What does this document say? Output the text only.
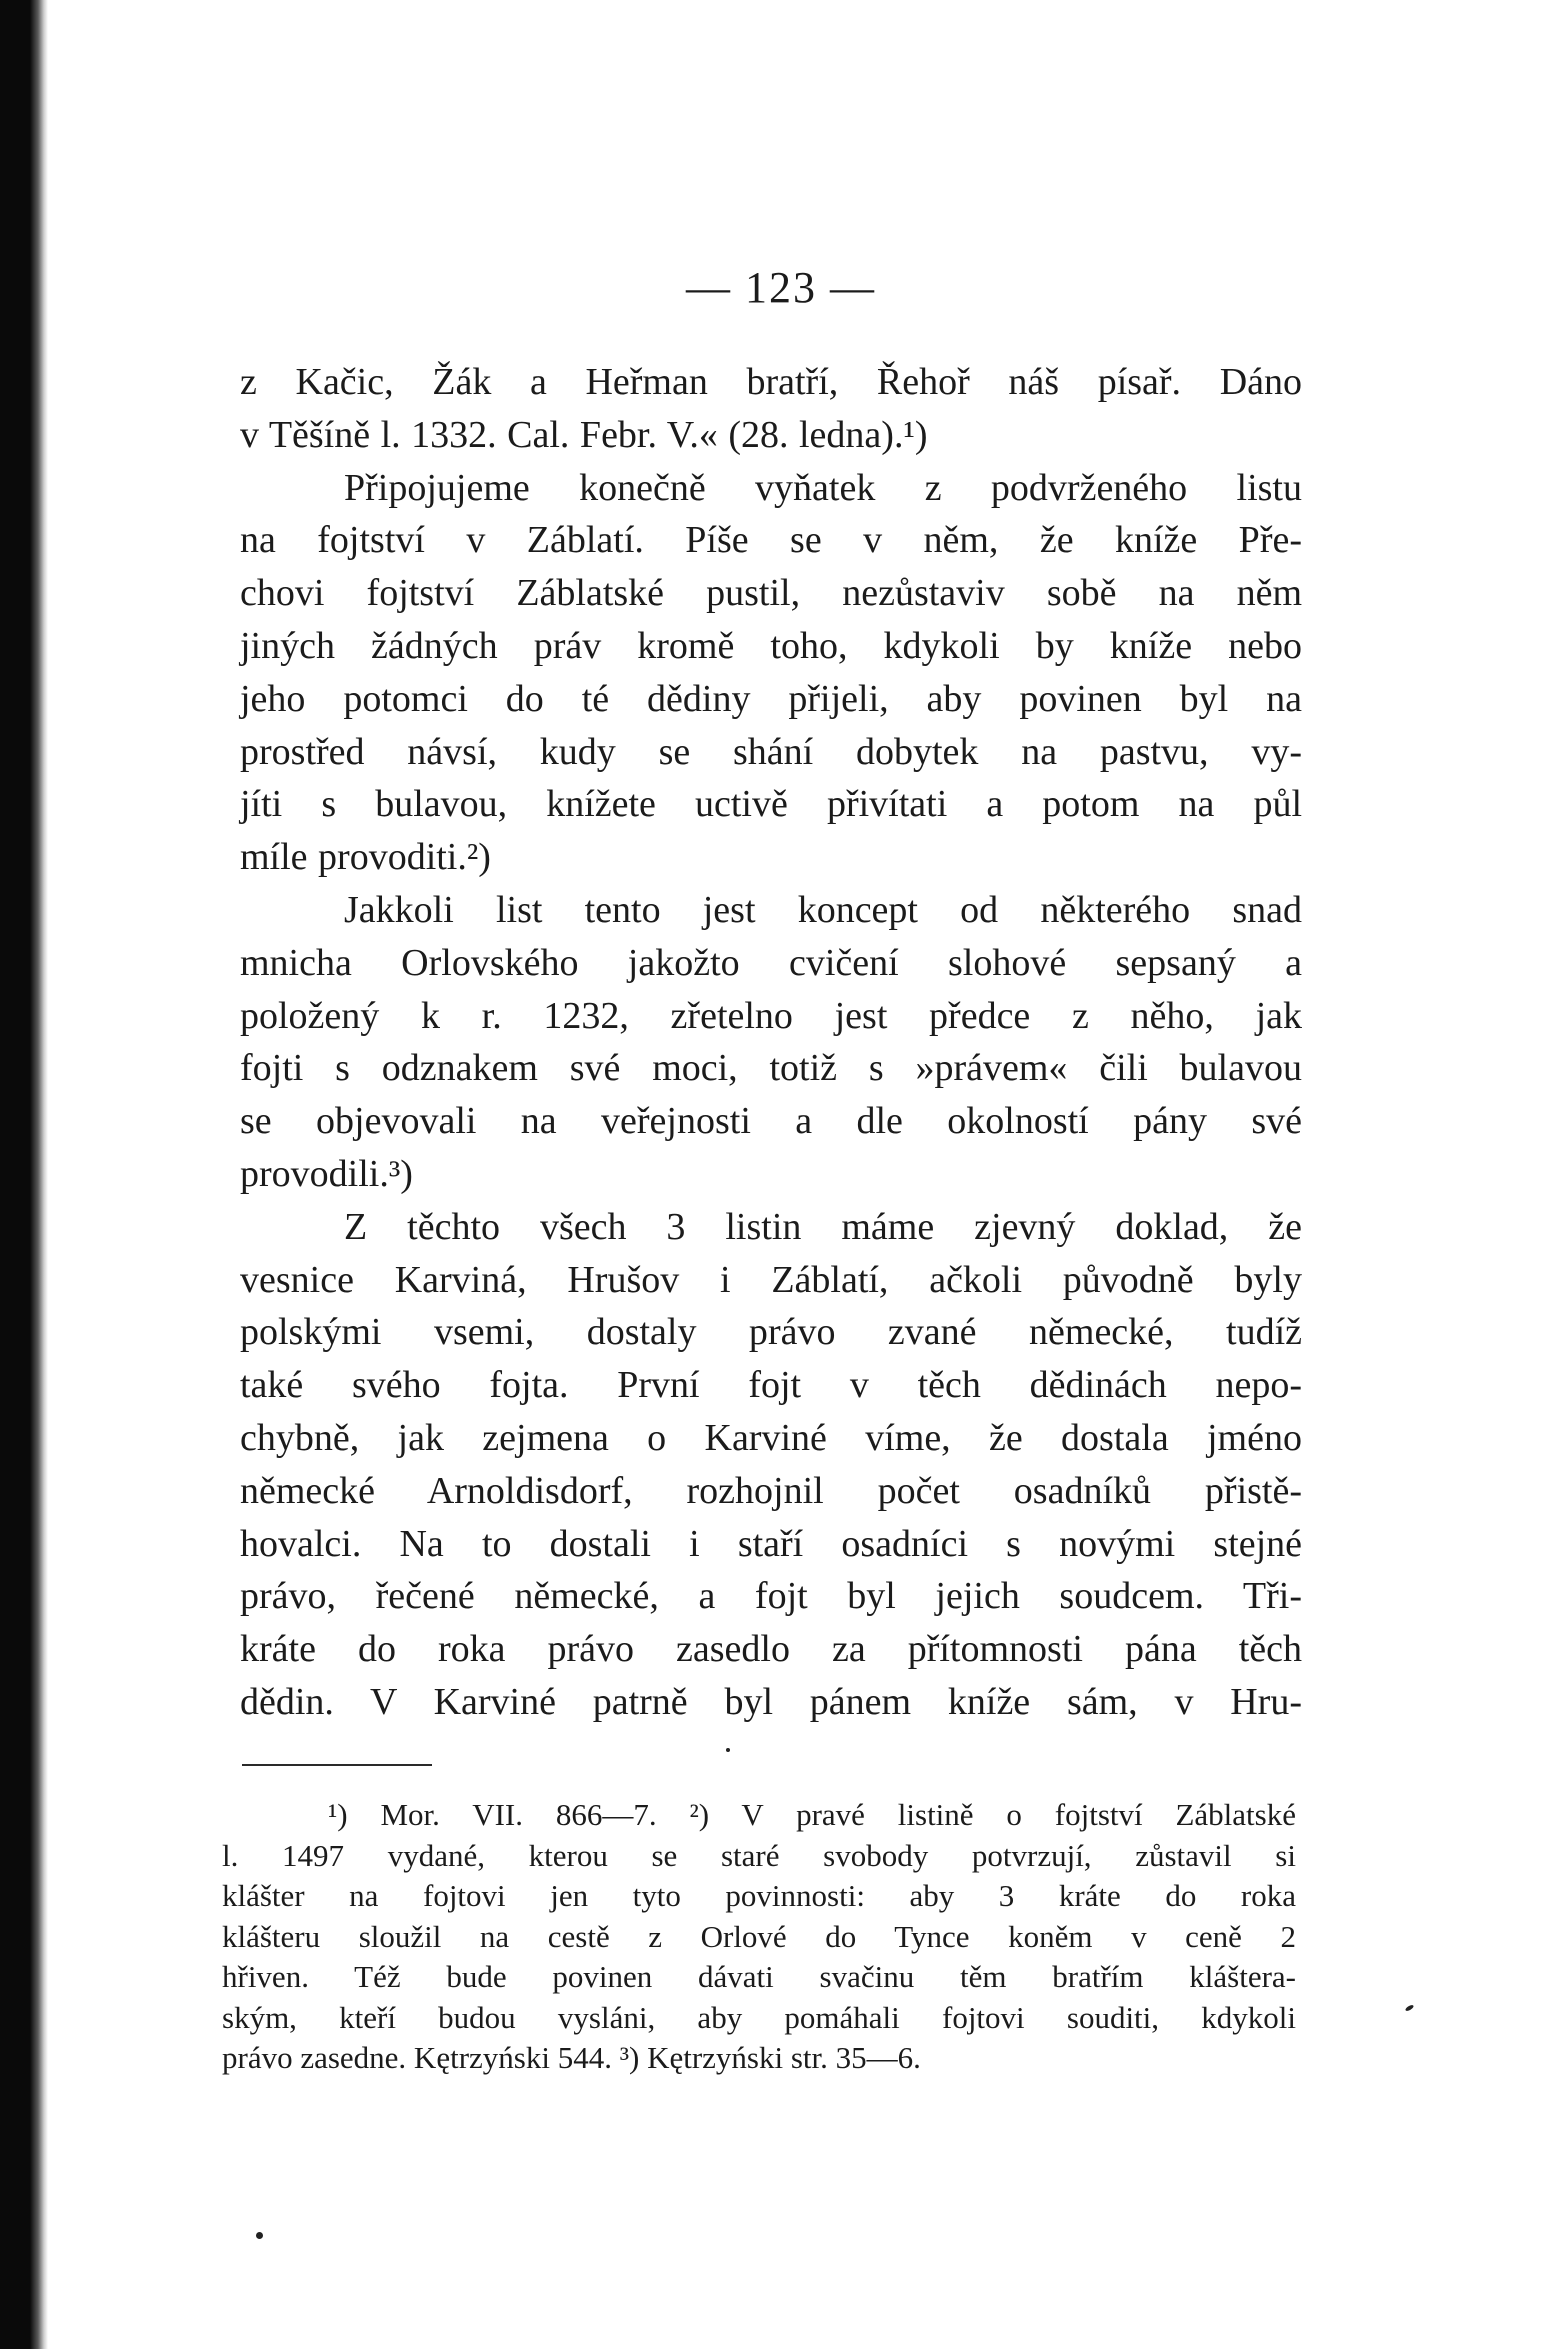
— 123 —
z Kačic, Žák a Heřman bratří, Řehoř náš písař. Dáno
v Těšíně l. 1332. Cal. Febr. V.« (28. ledna).¹)
Připojujeme konečně vyňatek z podvrženého listu
na fojtství v Záblatí. Píše se v něm, že kníže Pře-
chovi fojtství Záblatské pustil, nezůstaviv sobě na něm
jiných žádných práv kromě toho, kdykoli by kníže nebo
jeho potomci do té dědiny přijeli, aby povinen byl na
prostřed návsí, kudy se shání dobytek na pastvu, vy-
jíti s bulavou, knížete uctivě přivítati a potom na půl
míle provoditi.²)
Jakkoli list tento jest koncept od některého snad
mnicha Orlovského jakožto cvičení slohové sepsaný a
položený k r. 1232, zřetelno jest předce z něho, jak
fojti s odznakem své moci, totiž s »právem« čili bulavou
se objevovali na veřejnosti a dle okolností pány své
provodili.³)
Z těchto všech 3 listin máme zjevný doklad, že
vesnice Karviná, Hrušov i Záblatí, ačkoli původně byly
polskými vsemi, dostaly právo zvané německé, tudíž
také svého fojta. První fojt v těch dědinách nepo-
chybně, jak zejmena o Karviné víme, že dostala jméno
německé Arnoldisdorf, rozhojnil počet osadníků přistě-
hovalci. Na to dostali i staří osadníci s novými stejné
právo, řečené německé, a fojt byl jejich soudcem. Tři-
kráte do roka právo zasedlo za přítomnosti pána těch
dědin. V Karviné patrně byl pánem kníže sám, v Hru-
¹) Mor. VII. 866—7. ²) V pravé listině o fojtství Záblatské
l. 1497 vydané, kterou se staré svobody potvrzují, zůstavil si
klášter na fojtovi jen tyto povinnosti: aby 3 kráte do roka
klášteru sloužil na cestě z Orlové do Tynce koněm v ceně 2
hřiven. Též bude povinen dávati svačinu těm bratřím kláštera-
ským, kteří budou vysláni, aby pomáhali fojtovi souditi, kdykoli
právo zasedne. Kętrzyński 544. ³) Kętrzyński str. 35—6.
